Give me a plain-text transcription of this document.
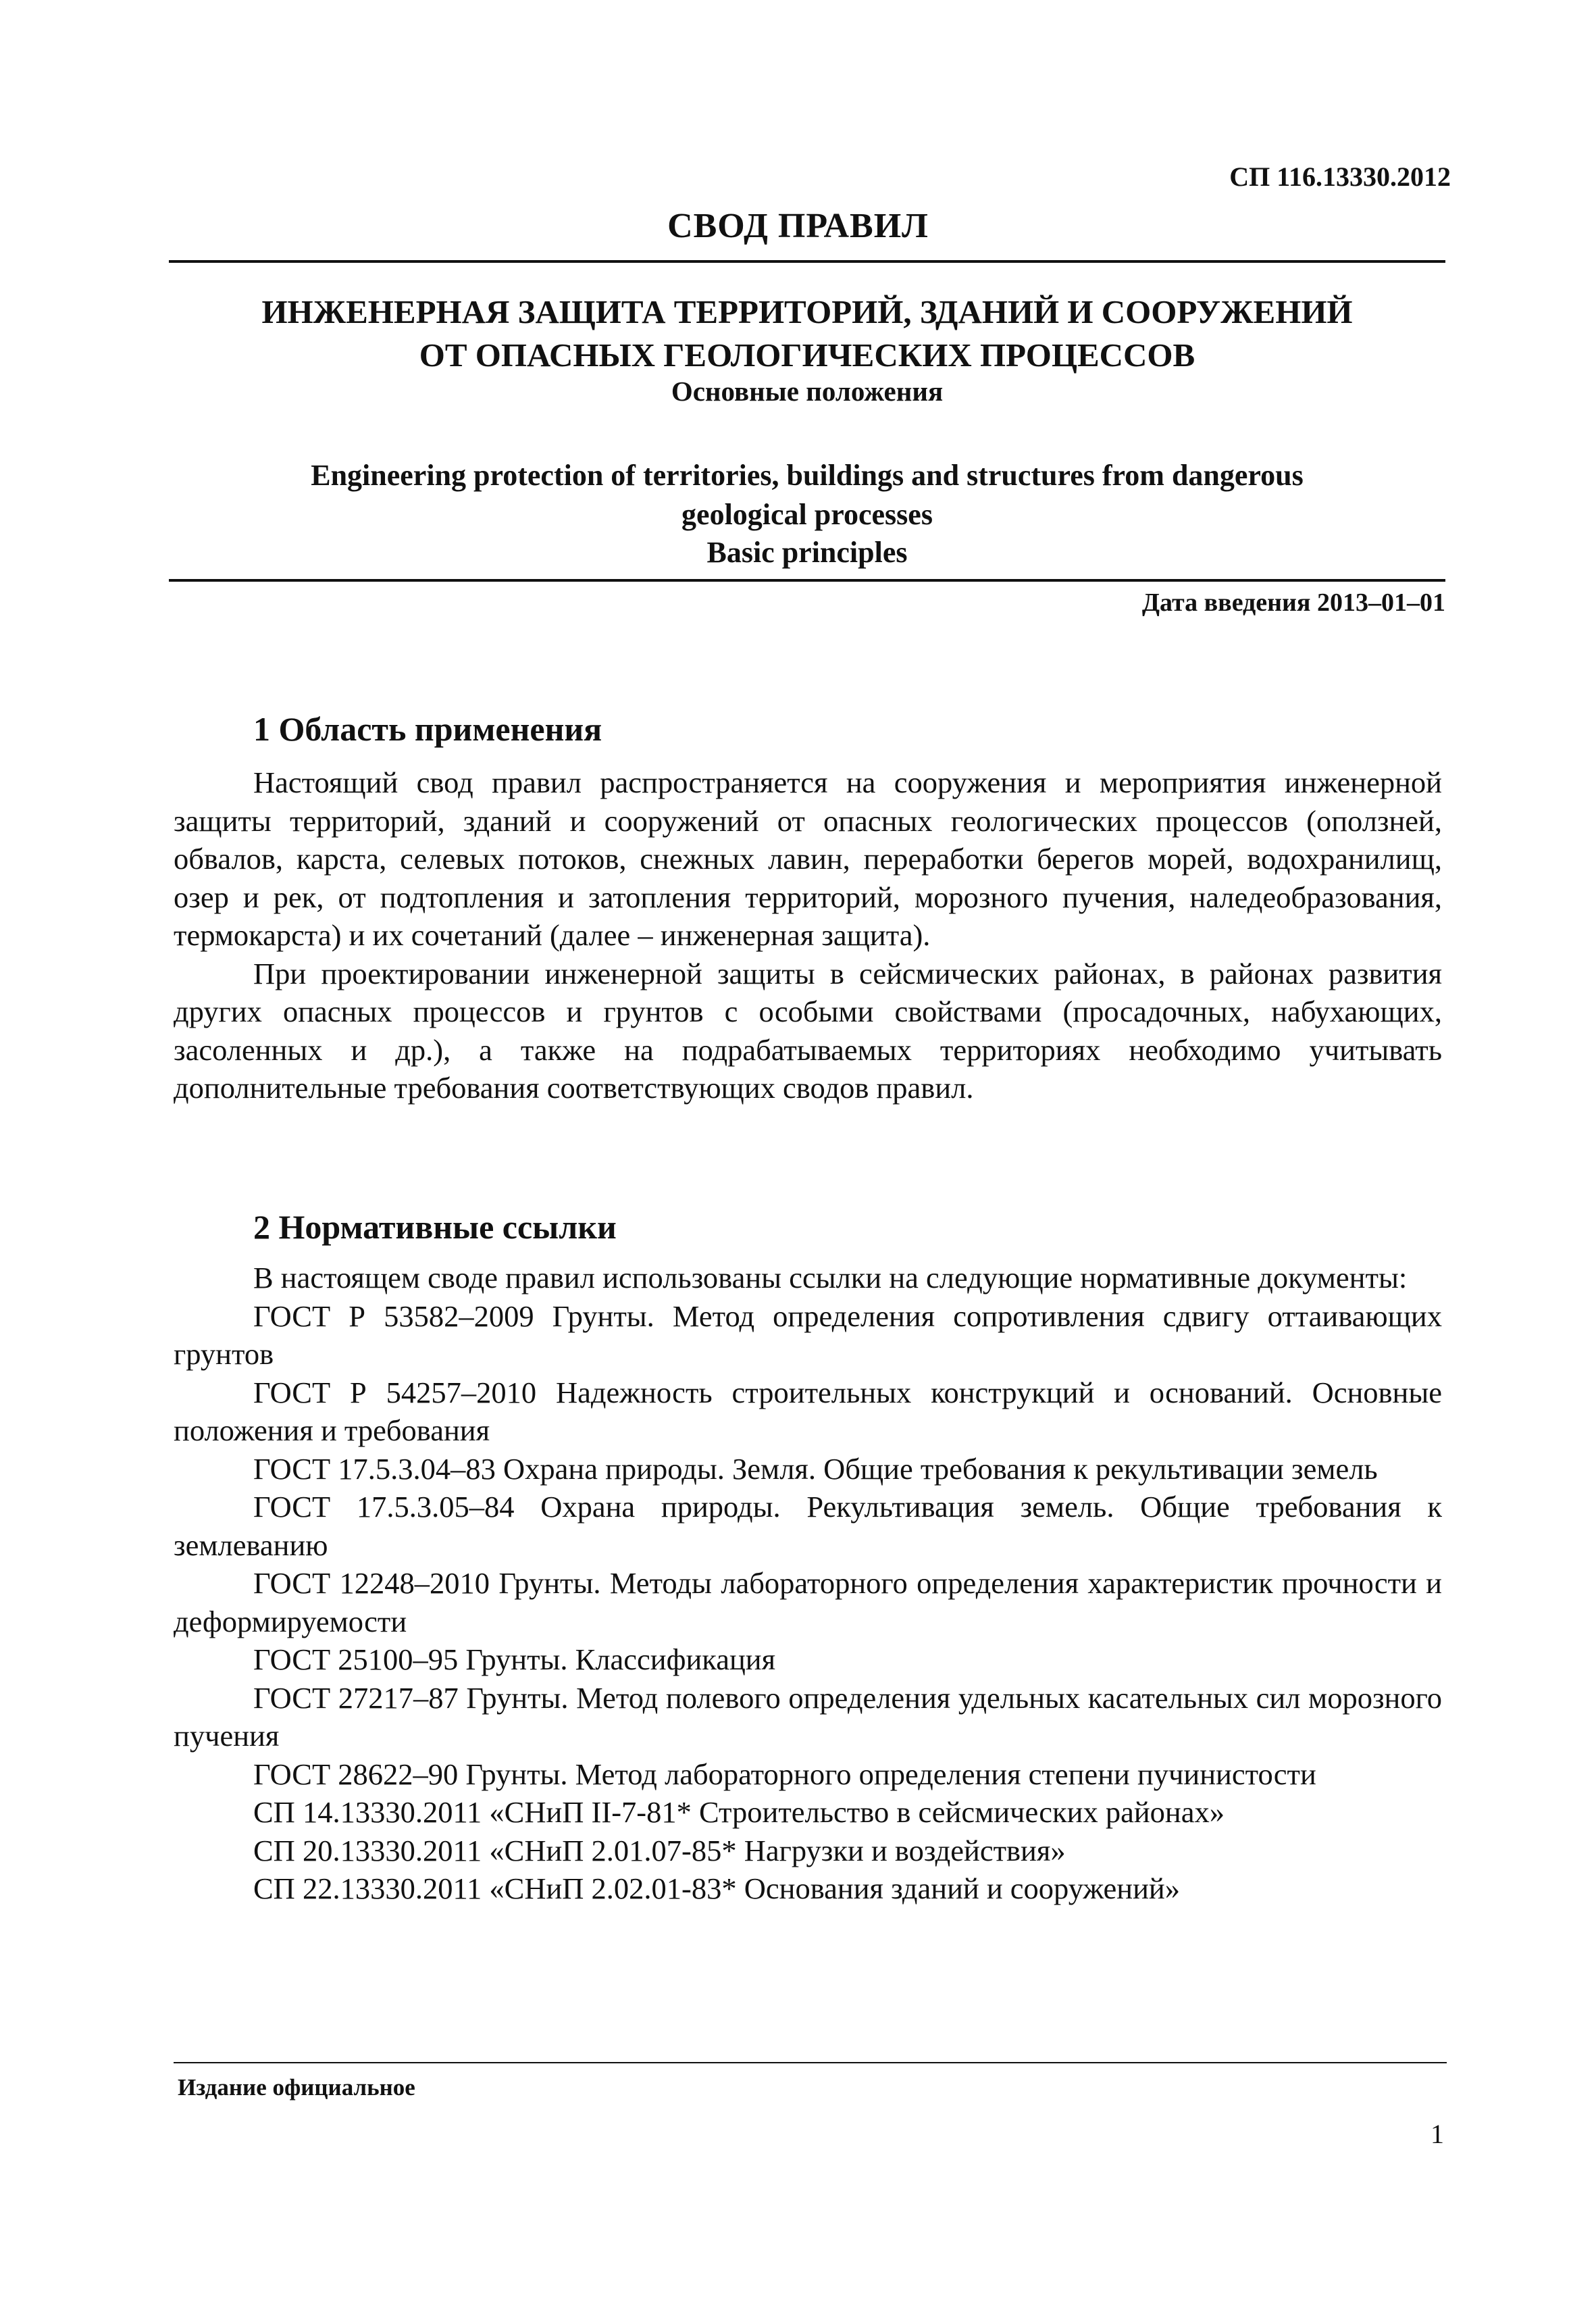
СП 116.13330.2012
СВОД ПРАВИЛ
ИНЖЕНЕРНАЯ ЗАЩИТА ТЕРРИТОРИЙ, ЗДАНИЙ И СООРУЖЕНИЙ
ОТ ОПАСНЫХ ГЕОЛОГИЧЕСКИХ ПРОЦЕССОВ
Основные положения
Engineering protection of territories, buildings and structures from dangerous
geological processes
Basic principles
Дата введения 2013–01–01
1 Область применения

Настоящий свод правил распространяется на сооружения и мероприятия инженерной защиты территорий, зданий и сооружений от опасных геологических процессов (оползней, обвалов, карста, селевых потоков, снежных лавин, переработки берегов морей, водохранилищ, озер и рек, от подтопления и затопления территорий, морозного пучения, наледеобразования, термокарста) и их сочетаний (далее – инженерная защита).

При проектировании инженерной защиты в сейсмических районах, в районах развития других опасных процессов и грунтов с особыми свойствами (просадочных, набухающих, засоленных и др.), а также на подрабатываемых территориях необходимо учитывать дополнительные требования соответствующих сводов правил.

2 Нормативные ссылки
В настоящем своде правил использованы ссылки на следующие нормативные документы:
ГОСТ Р 53582–2009 Грунты. Метод определения сопротивления сдвигу оттаивающих грунтов
ГОСТ Р 54257–2010 Надежность строительных конструкций и оснований. Основные положения и требования
ГОСТ 17.5.3.04–83 Охрана природы. Земля. Общие требования к рекультивации земель
ГОСТ 17.5.3.05–84 Охрана природы. Рекультивация земель. Общие требования к землеванию
ГОСТ 12248–2010 Грунты. Методы лабораторного определения характеристик прочности и деформируемости
ГОСТ 25100–95 Грунты. Классификация
ГОСТ 27217–87 Грунты. Метод полевого определения удельных касательных сил морозного пучения
ГОСТ 28622–90 Грунты. Метод лабораторного определения степени пучинистости
СП 14.13330.2011 «СНиП II-7-81* Строительство в сейсмических районах»
СП 20.13330.2011 «СНиП 2.01.07-85* Нагрузки и воздействия»
СП 22.13330.2011 «СНиП 2.02.01-83* Основания зданий и сооружений»
Издание официальное
1
